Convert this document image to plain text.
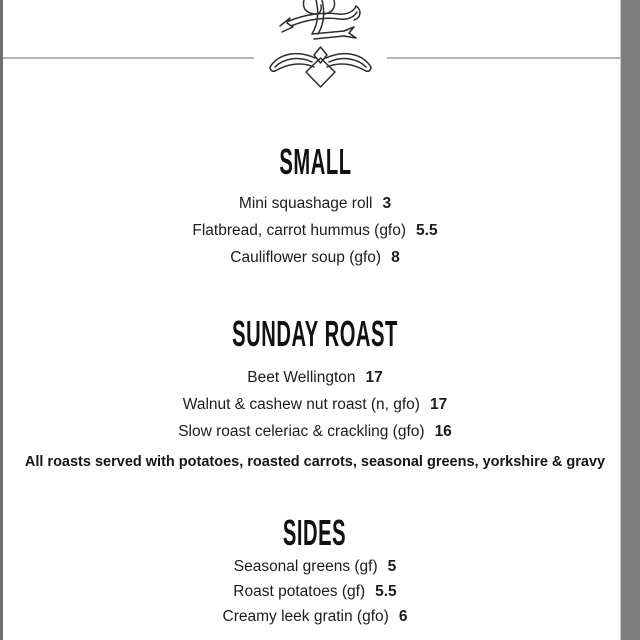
SMALL
Mini squashage roll 3
Flatbread, carrot hummus (gfo) 5.5
Cauliflower soup (gfo) 8
SUNDAY ROAST
Beet Wellington 17
Walnut & cashew nut roast (n, gfo) 17
Slow roast celeriac & crackling (gfo) 16

All roasts served with potatoes, roasted carrots, seasonal greens, yorkshire & gravy

SIDES
Seasonal greens (gf) 5
Roast potatoes (gf) 5.5
Creamy leek gratin (gfo) 6
